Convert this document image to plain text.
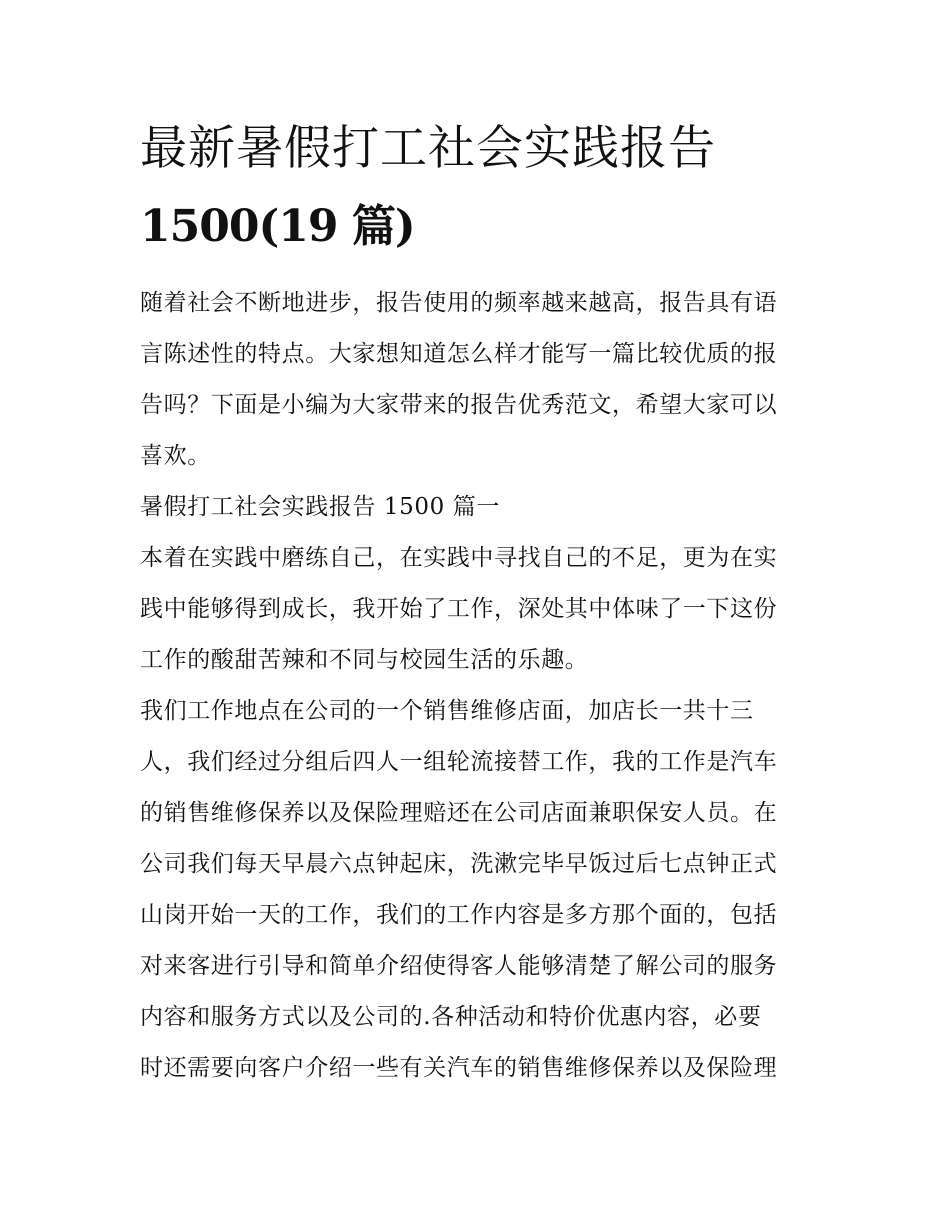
最新暑假打工社会实践报告
1500(19 篇)

随着社会不断地进步，报告使用的频率越来越高，报告具有语
言陈述性的特点。大家想知道怎么样才能写一篇比较优质的报
告吗？下面是小编为大家带来的报告优秀范文，希望大家可以
喜欢。

暑假打工社会实践报告 1500 篇一

本着在实践中磨练自己，在实践中寻找自己的不足，更为在实
践中能够得到成长，我开始了工作，深处其中体味了一下这份
工作的酸甜苦辣和不同与校园生活的乐趣。

我们工作地点在公司的一个销售维修店面，加店长一共十三
人，我们经过分组后四人一组轮流接替工作，我的工作是汽车
的销售维修保养以及保险理赔还在公司店面兼职保安人员。在
公司我们每天早晨六点钟起床，洗漱完毕早饭过后七点钟正式
山岗开始一天的工作，我们的工作内容是多方那个面的，包括
对来客进行引导和简单介绍使得客人能够清楚了解公司的服务
内容和服务方式以及公司的.各种活动和特价优惠内容，必要
时还需要向客户介绍一些有关汽车的销售维修保养以及保险理
